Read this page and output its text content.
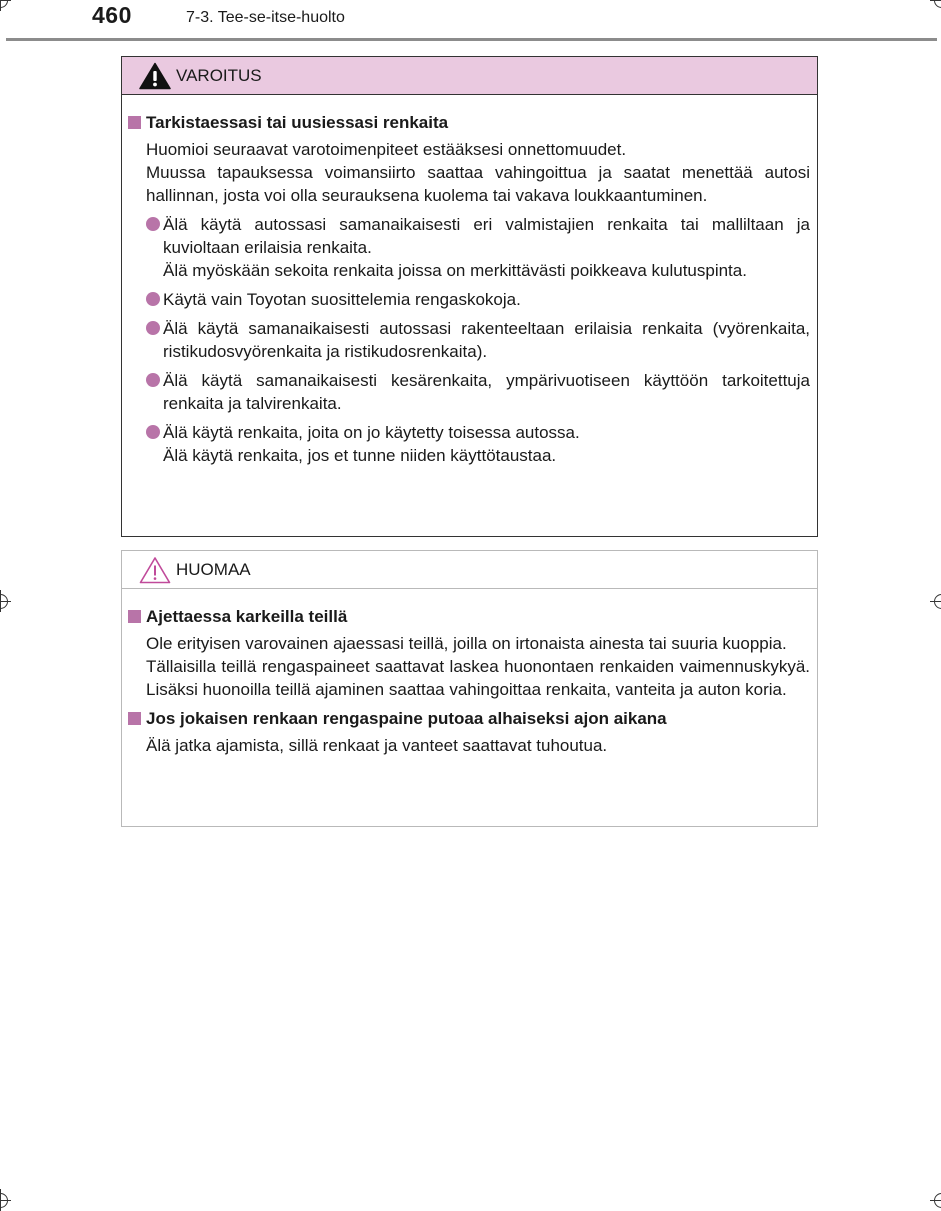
460	7-3. Tee-se-itse-huolto
VAROITUS
Tarkistaessasi tai uusiessasi renkaita
Huomioi seuraavat varotoimenpiteet estääksesi onnettomuudet.
Muussa tapauksessa voimansiirto saattaa vahingoittua ja saatat menettää autosi hallinnan, josta voi olla seurauksena kuolema tai vakava loukkaantuminen.
Älä käytä autossasi samanaikaisesti eri valmistajien renkaita tai malliltaan ja kuvioltaan erilaisia renkaita.
Älä myöskään sekoita renkaita joissa on merkittävästi poikkeava kulutuspinta.
Käytä vain Toyotan suosittelemia rengaskokoja.
Älä käytä samanaikaisesti autossasi rakenteeltaan erilaisia renkaita (vyörenkaita, ristikudosvyörenkaita ja ristikudosrenkaita).
Älä käytä samanaikaisesti kesärenkaita, ympärivuotiseen käyttöön tarkoitettuja renkaita ja talvirenkaita.
Älä käytä renkaita, joita on jo käytetty toisessa autossa.
Älä käytä renkaita, jos et tunne niiden käyttötaustaa.
HUOMAA
Ajettaessa karkeilla teillä
Ole erityisen varovainen ajaessasi teillä, joilla on irtonaista ainesta tai suuria kuoppia.
Tällaisilla teillä rengaspaineet saattavat laskea huonontaen renkaiden vaimennuskykyä. Lisäksi huonoilla teillä ajaminen saattaa vahingoittaa renkaita, vanteita ja auton koria.
Jos jokaisen renkaan rengaspaine putoaa alhaiseksi ajon aikana
Älä jatka ajamista, sillä renkaat ja vanteet saattavat tuhoutua.
